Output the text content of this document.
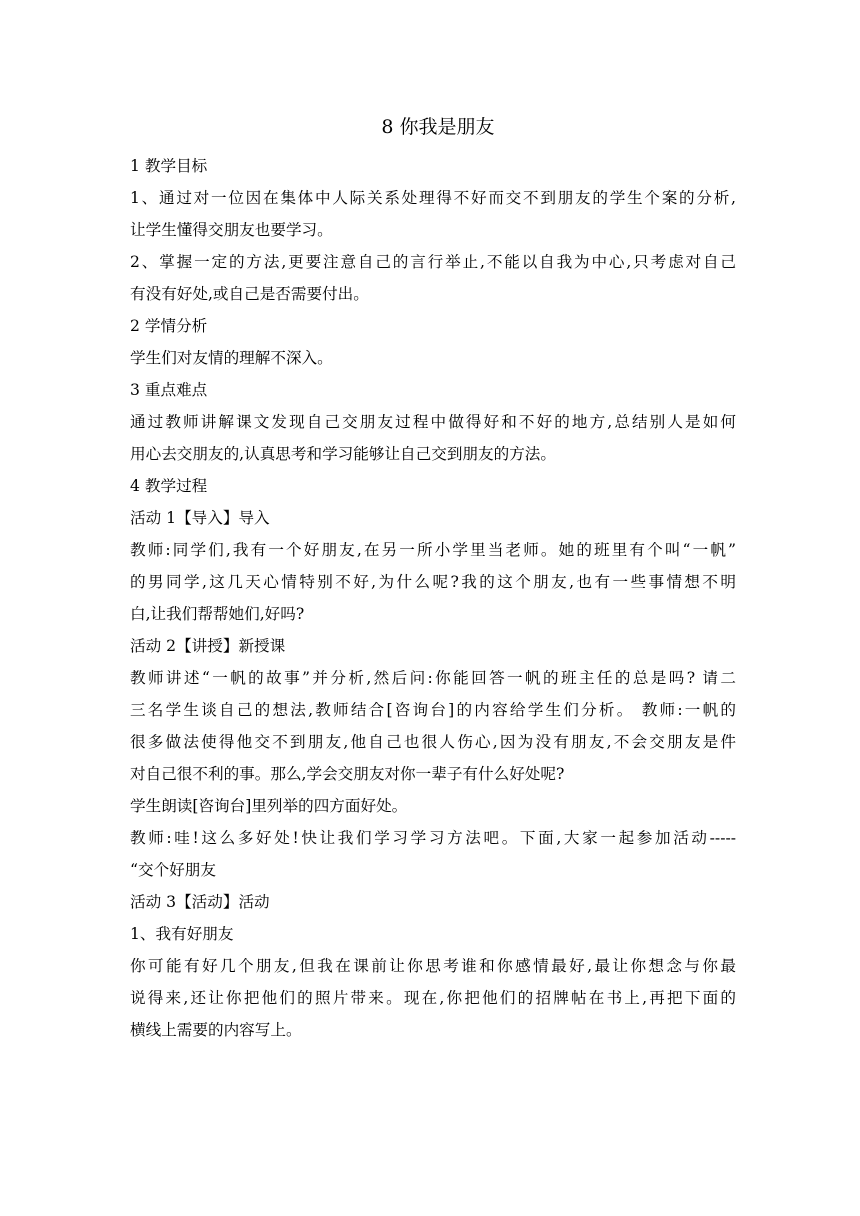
8 你我是朋友
1 教学目标
1、通过对一位因在集体中人际关系处理得不好而交不到朋友的学生个案的分析,
让学生懂得交朋友也要学习。
2、掌握一定的方法,更要注意自己的言行举止,不能以自我为中心,只考虑对自己
有没有好处,或自己是否需要付出。
2 学情分析
学生们对友情的理解不深入。
3 重点难点
通过教师讲解课文发现自己交朋友过程中做得好和不好的地方,总结别人是如何
用心去交朋友的,认真思考和学习能够让自己交到朋友的方法。
4 教学过程
活动 1【导入】导入
教师:同学们,我有一个好朋友,在另一所小学里当老师。她的班里有个叫“一帆”
的男同学,这几天心情特别不好,为什么呢?我的这个朋友,也有一些事情想不明
白,让我们帮帮她们,好吗?
活动 2【讲授】新授课
教师讲述“一帆的故事”并分析,然后问:你能回答一帆的班主任的总是吗? 请二
三名学生谈自己的想法,教师结合[咨询台]的内容给学生们分析。 教师:一帆的
很多做法使得他交不到朋友,他自己也很人伤心,因为没有朋友,不会交朋友是件
对自己很不利的事。那么,学会交朋友对你一辈子有什么好处呢?
学生朗读[咨询台]里列举的四方面好处。
教师:哇!这么多好处!快让我们学习学习方法吧。下面,大家一起参加活动-----
“交个好朋友
活动 3【活动】活动
1、我有好朋友
你可能有好几个朋友,但我在课前让你思考谁和你感情最好,最让你想念与你最
说得来,还让你把他们的照片带来。现在,你把他们的招牌帖在书上,再把下面的
横线上需要的内容写上。
